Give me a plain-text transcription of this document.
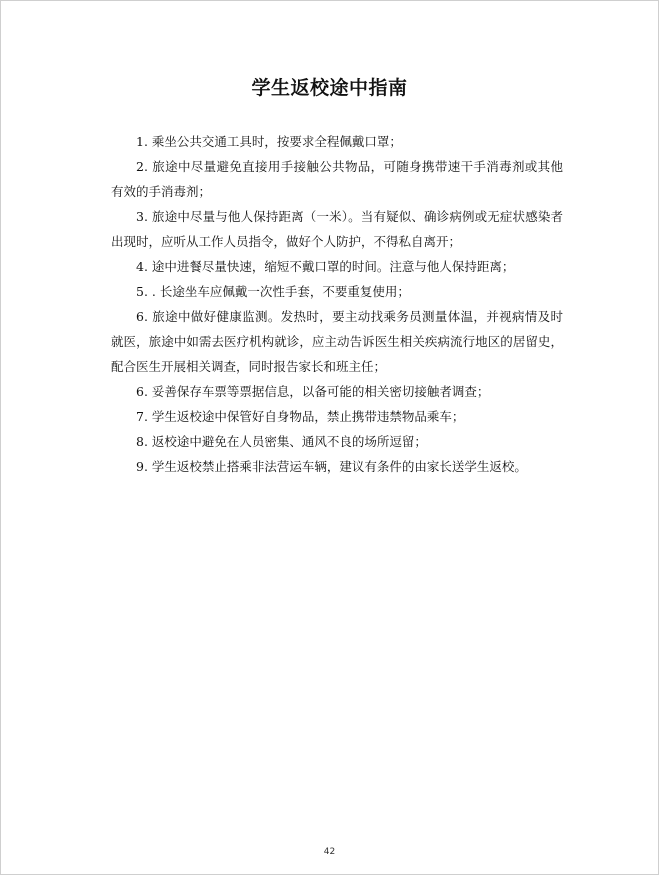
学生返校途中指南

1. 乘坐公共交通工具时，按要求全程佩戴口罩；

2. 旅途中尽量避免直接用手接触公共物品，可随身携带速干手消毒剂或其他有效的手消毒剂；

3. 旅途中尽量与他人保持距离（一米）。当有疑似、确诊病例或无症状感染者出现时，应听从工作人员指令，做好个人防护，不得私自离开；

4. 途中进餐尽量快速，缩短不戴口罩的时间。注意与他人保持距离；

5. . 长途坐车应佩戴一次性手套，不要重复使用；

6. 旅途中做好健康监测。发热时，要主动找乘务员测量体温，并视病情及时就医，旅途中如需去医疗机构就诊，应主动告诉医生相关疾病流行地区的居留史，配合医生开展相关调查，同时报告家长和班主任；

6. 妥善保存车票等票据信息，以备可能的相关密切接触者调查；

7. 学生返校途中保管好自身物品，禁止携带违禁物品乘车；

8. 返校途中避免在人员密集、通风不良的场所逗留；

9. 学生返校禁止搭乘非法营运车辆，建议有条件的由家长送学生返校。

42
